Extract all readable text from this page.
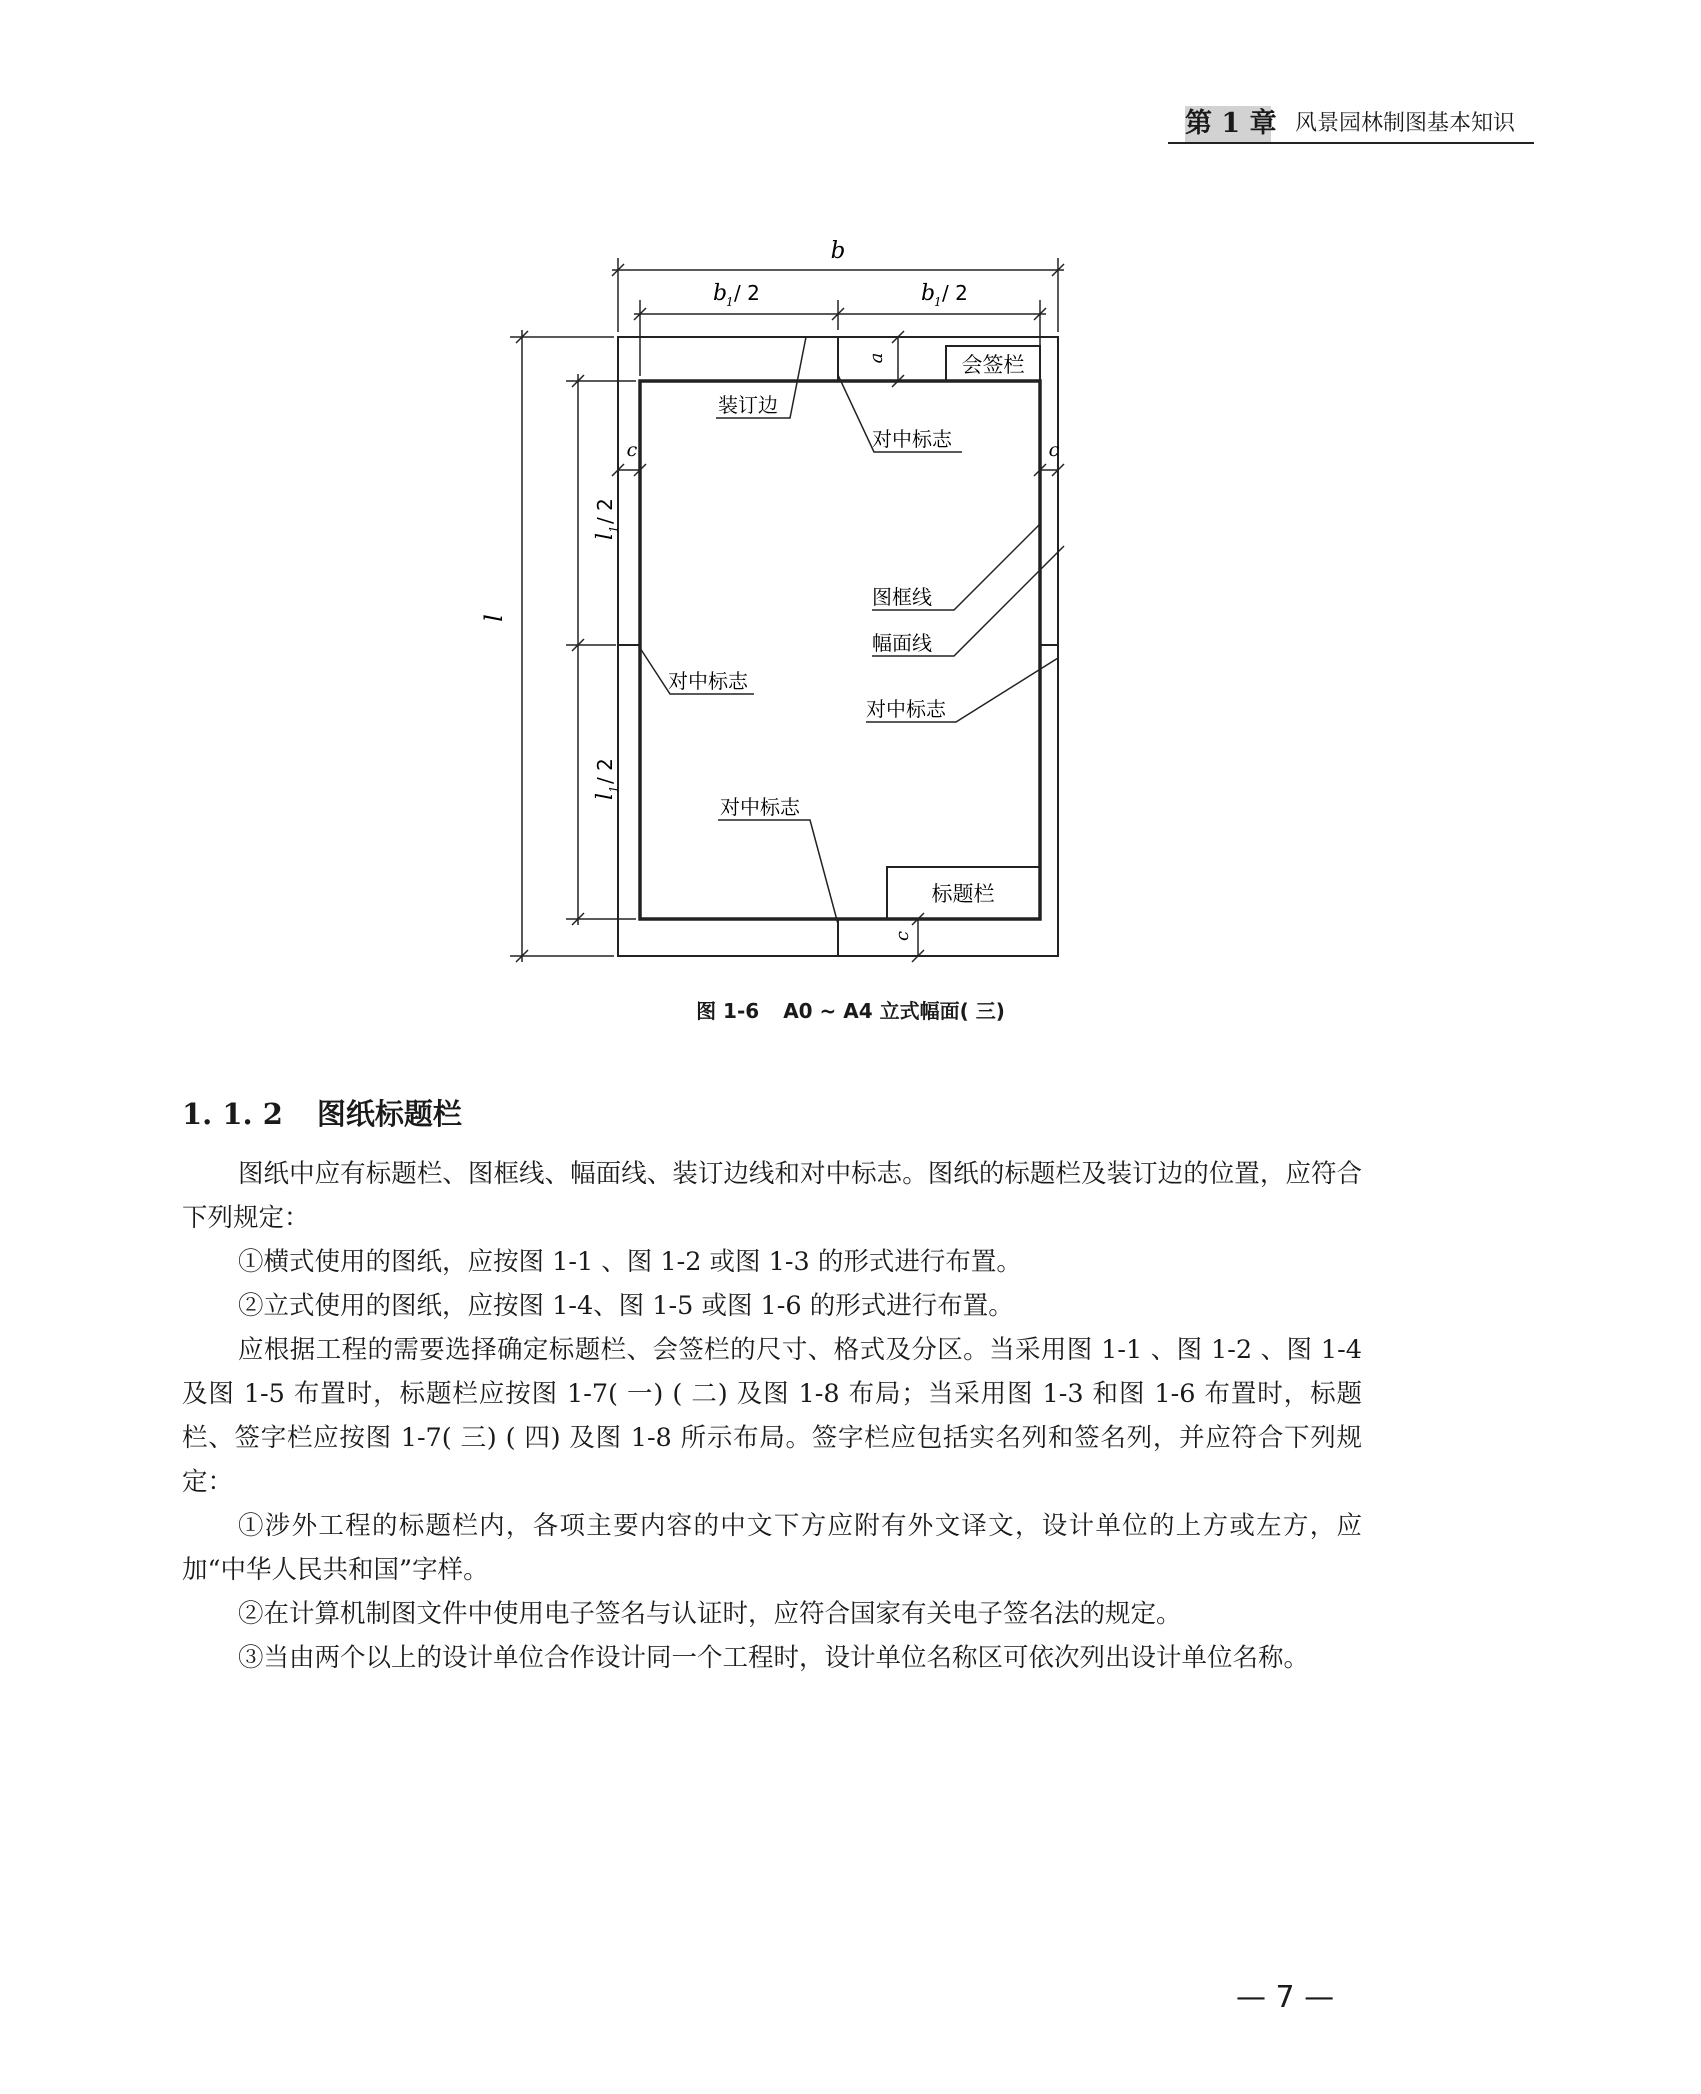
第 1 章 风景园林制图基本知识
b
b
1 / 2	b
1 / 2
l
l
1
/ 2
l
1
/ 2
a
c	c
c
会签栏
标题栏
装订边
对中标志
图框线
幅面线
对中标志
对中标志
对中标志
图 1-6 A0 ~ A4 立式幅面( 三)
1. 1. 2 图纸标题栏

图纸中应有标题栏、图框线、幅面线、装订边线和对中标志。图纸的标题栏及装订边的位置，应符合下列规定：

①横式使用的图纸，应按图 1-1 、图 1-2 或图 1-3 的形式进行布置。

②立式使用的图纸，应按图 1-4、图 1-5 或图 1-6 的形式进行布置。

应根据工程的需要选择确定标题栏、会签栏的尺寸、格式及分区。当采用图 1-1 、图 1-2 、图 1-4 及图 1-5 布置时，标题栏应按图 1-7( 一) ( 二) 及图 1-8 布局；当采用图 1-3 和图 1-6 布置时，标题栏、签字栏应按图 1-7( 三) ( 四) 及图 1-8 所示布局。签字栏应包括实名列和签名列，并应符合下列规定：

①涉外工程的标题栏内，各项主要内容的中文下方应附有外文译文，设计单位的上方或左方，应加“中华人民共和国”字样。

②在计算机制图文件中使用电子签名与认证时，应符合国家有关电子签名法的规定。

③当由两个以上的设计单位合作设计同一个工程时，设计单位名称区可依次列出设计单位名称。

— 7 —
